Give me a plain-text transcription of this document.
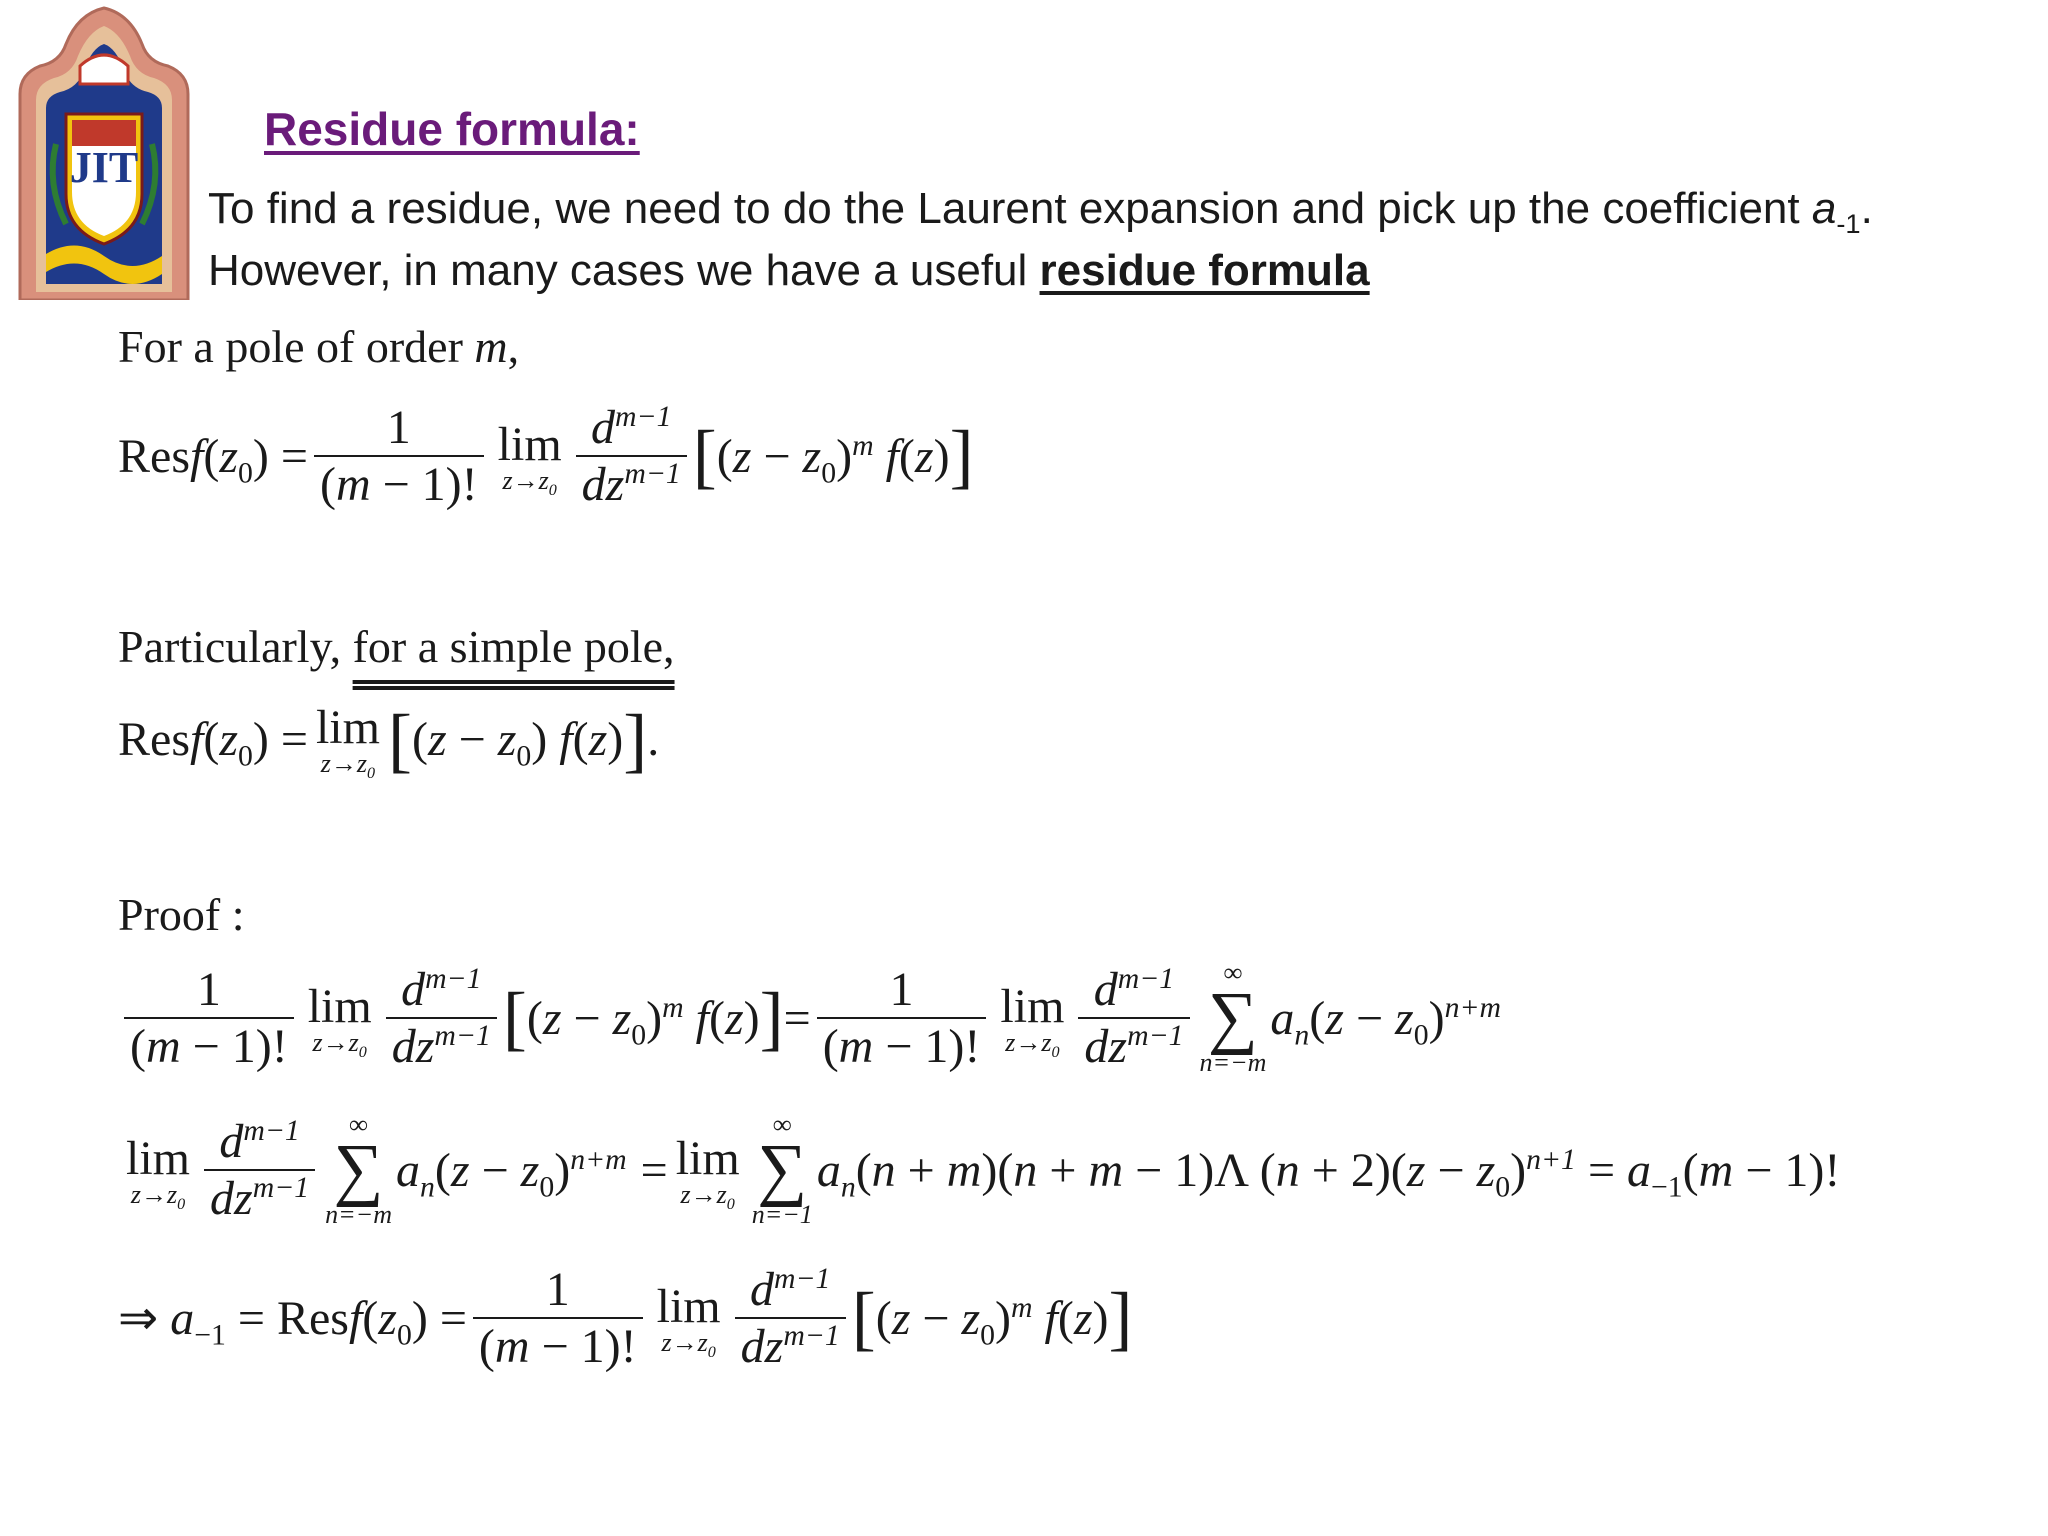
JIT
Residue formula:
To find a residue, we need to do the Laurent expansion and pick up the coefficient $a_{-1}$.
However, in many cases we have a useful residue formula
For a pole of order m,
$Resf(z_0) = \frac{1}{(m - 1)!}$ lim
$z\to z_0 \frac{d^{m-1}}{dz^{m-1}}$ [ $(z - z_0)^m$ f(z) ]
Particularly, for a simple pole,
$Resf(z_0) = \lim$
$z\to z_0$ [ $(z - z_0)$ f(z) ] .
Proof :
$\frac{1}{(m - 1)!}$ lim
$z\to z_0 \frac{d^{m-1}}{dz^{m-1}}$ [ $(z - z_0)^m$ f(z) ] = $\frac{1}{(m - 1)!}$ lim
$z\to z_0 \frac{d^{m-1}}{dz^{m-1}}$ ∞
∑
n=−m
$a_n(z - z_0)^{n+m}$
lim
$z\to z_0 \frac{d^{m-1}}{dz^{m-1}}$ ∞
∑
n=−m
$a_n(z - z_0)^{n+m} = \lim$
$z\to z_0$
∞
∑
n=−1
$a_n(n + m)(n + m - 1)\Lambda$ $(n + 2)(z - z_0)^{n+1} = a_{-1}(m - 1)$!
⇒ $a_{-1}$ = $Resf(z_0) = \frac{1}{(m - 1)!}$ lim
$z\to z_0 \frac{d^{m-1}}{dz^{m-1}}$ [ $(z - z_0)^m$ f(z) ]
